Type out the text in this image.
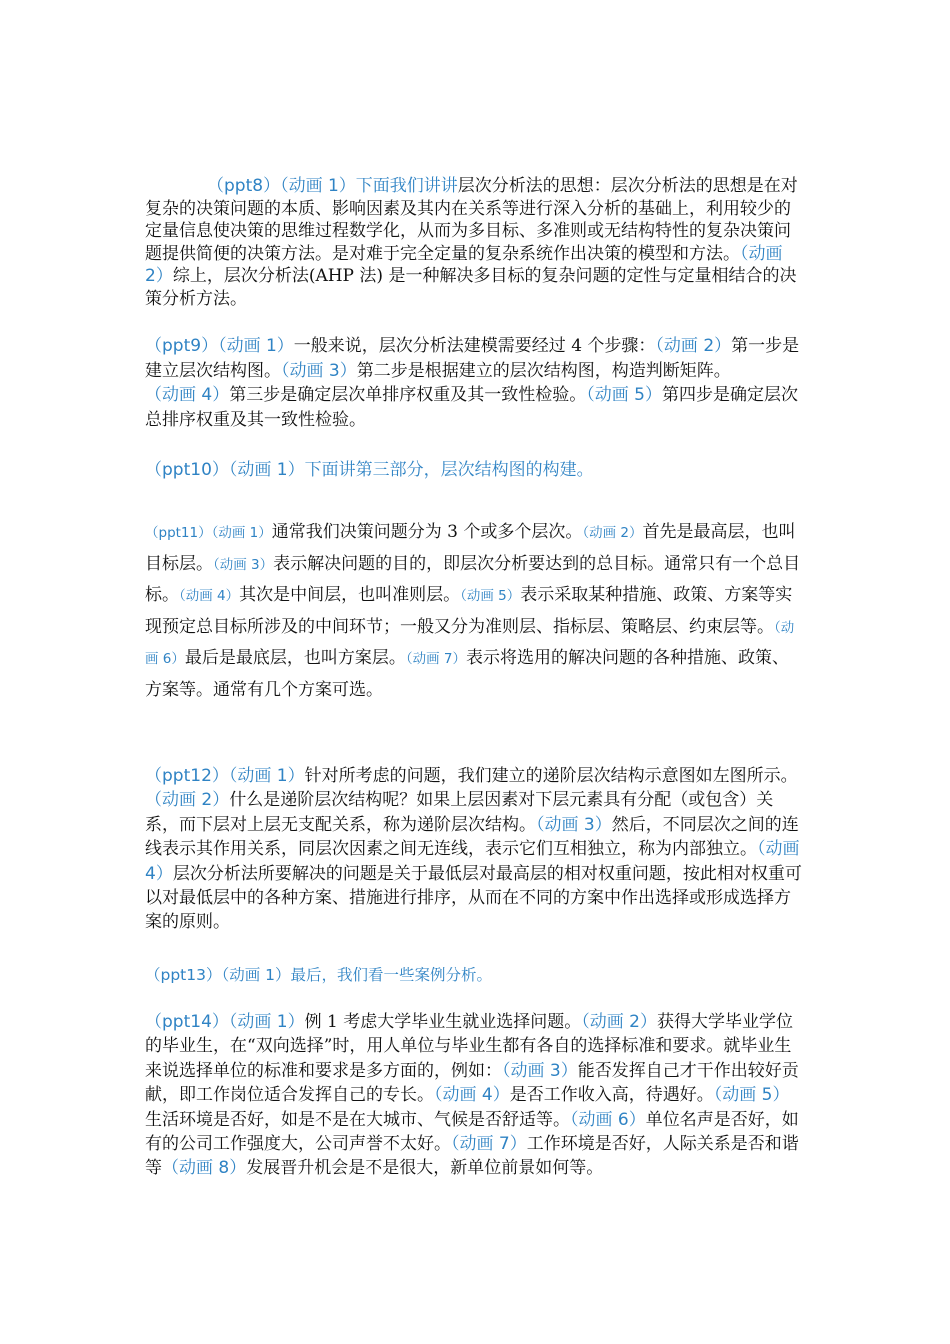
（ppt8）（动画 1）下面我们讲讲层次分析法的思想：层次分析法的思想是在对复杂的决策问题的本质、影响因素及其内在关系等进行深入分析的基础上，利用较少的定量信息使决策的思维过程数学化，从而为多目标、多准则或无结构特性的复杂决策问题提供简便的决策方法。是对难于完全定量的复杂系统作出决策的模型和方法。（动画 2）综上，层次分析法(AHP 法) 是一种解决多目标的复杂问题的定性与定量相结合的决策分析方法。

（ppt9）（动画 1）一般来说，层次分析法建模需要经过 4 个步骤：（动画 2）第一步是建立层次结构图。（动画 3）第二步是根据建立的层次结构图，构造判断矩阵。（动画 4）第三步是确定层次单排序权重及其一致性检验。（动画 5）第四步是确定层次总排序权重及其一致性检验。

（ppt10）（动画 1）下面讲第三部分，层次结构图的构建。

（ppt11）（动画 1）通常我们决策问题分为 3 个或多个层次。（动画 2）首先是最高层，也叫目标层。（动画 3）表示解决问题的目的，即层次分析要达到的总目标。通常只有一个总目标。（动画 4）其次是中间层，也叫准则层。（动画 5）表示采取某种措施、政策、方案等实现预定总目标所涉及的中间环节；一般又分为准则层、指标层、策略层、约束层等。（动画 6）最后是最底层，也叫方案层。（动画 7）表示将选用的解决问题的各种措施、政策、方案等。通常有几个方案可选。

（ppt12）（动画 1）针对所考虑的问题，我们建立的递阶层次结构示意图如左图所示。（动画 2）什么是递阶层次结构呢？如果上层因素对下层元素具有分配（或包含）关系，而下层对上层无支配关系，称为递阶层次结构。（动画 3）然后，不同层次之间的连线表示其作用关系，同层次因素之间无连线，表示它们互相独立，称为内部独立。（动画 4）层次分析法所要解决的问题是关于最低层对最高层的相对权重问题，按此相对权重可以对最低层中的各种方案、措施进行排序，从而在不同的方案中作出选择或形成选择方案的原则。

（ppt13）（动画 1）最后，我们看一些案例分析。

（ppt14）（动画 1）例 1 考虑大学毕业生就业选择问题。（动画 2）获得大学毕业学位的毕业生，在“双向选择”时，用人单位与毕业生都有各自的选择标准和要求。就毕业生来说选择单位的标准和要求是多方面的，例如：（动画 3）能否发挥自己才干作出较好贡献，即工作岗位适合发挥自己的专长。（动画 4）是否工作收入高，待遇好。（动画 5）生活环境是否好，如是不是在大城市、气候是否舒适等。（动画 6）单位名声是否好，如有的公司工作强度大，公司声誉不太好。（动画 7）工作环境是否好，人际关系是否和谐等（动画 8）发展晋升机会是不是很大，新单位前景如何等。
